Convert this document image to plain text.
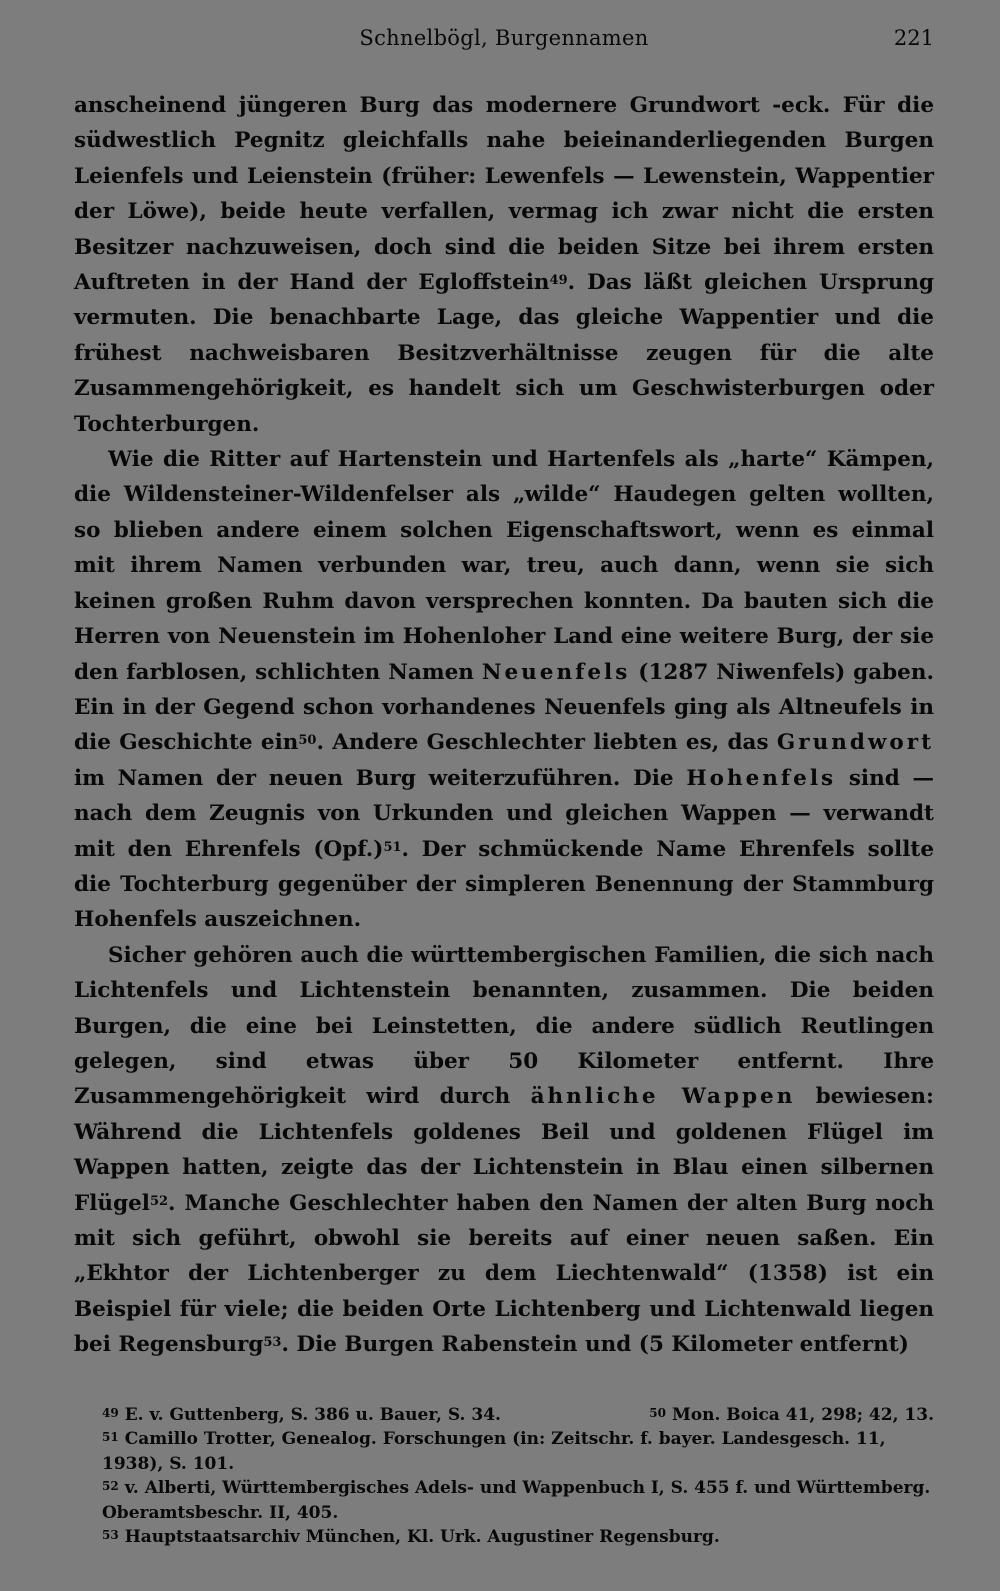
Schnelbögl, Burgennamen	221

anscheinend jüngeren Burg das modernere Grundwort -eck. Für die südwestlich Pegnitz gleichfalls nahe beieinanderliegenden Burgen Leienfels und Leienstein (früher: Lewenfels — Lewenstein, Wappentier der Löwe), beide heute verfallen, vermag ich zwar nicht die ersten Besitzer nachzuweisen, doch sind die beiden Sitze bei ihrem ersten Auftreten in der Hand der Egloffstein$^{49}$. Das läßt gleichen Ursprung vermuten. Die benachbarte Lage, das gleiche Wappentier und die frühest nachweisbaren Besitzverhältnisse zeugen für die alte Zusammengehörigkeit, es handelt sich um Geschwisterburgen oder Tochterburgen.

Wie die Ritter auf Hartenstein und Hartenfels als „harte“ Kämpen, die Wildensteiner-Wildenfelser als „wilde“ Haudegen gelten wollten, so blieben andere einem solchen Eigenschaftswort, wenn es einmal mit ihrem Namen verbunden war, treu, auch dann, wenn sie sich keinen großen Ruhm davon versprechen konnten. Da bauten sich die Herren von Neuenstein im Hohenloher Land eine weitere Burg, der sie den farblosen, schlichten Namen Neuenfels (1287 Niwenfels) gaben. Ein in der Gegend schon vorhandenes Neuenfels ging als Altneufels in die Geschichte ein$^{50}$. Andere Geschlechter liebten es, das Grundwort im Namen der neuen Burg weiterzuführen. Die Hohenfels sind — nach dem Zeugnis von Urkunden und gleichen Wappen — verwandt mit den Ehrenfels $(Opf.)^{51}$. Der schmückende Name Ehrenfels sollte die Tochterburg gegenüber der simpleren Benennung der Stammburg Hohenfels auszeichnen.

Sicher gehören auch die württembergischen Familien, die sich nach Lichtenfels und Lichtenstein benannten, zusammen. Die beiden Burgen, die eine bei Leinstetten, die andere südlich Reutlingen gelegen, sind etwas über 50 Kilometer entfernt. Ihre Zusammengehörigkeit wird durch ähnliche Wappen bewiesen: Während die Lichtenfels goldenes Beil und goldenen Flügel im Wappen hatten, zeigte das der Lichtenstein in Blau einen silbernen Flügel$^{52}$. Manche Geschlechter haben den Namen der alten Burg noch mit sich geführt, obwohl sie bereits auf einer neuen saßen. Ein „Ekhtor der Lichtenberger zu dem Liechtenwald“ (1358) ist ein Beispiel für viele; die beiden Orte Lichtenberg und Lichtenwald liegen bei Regensburg$^{53}$. Die Burgen Rabenstein und (5 Kilometer entfernt)

$^{49}$ E. v. Guttenberg, S. 386 u. Bauer, S. 34.	$^{50}$ Mon. Boica 41, 298; 42, 13.

$^{51}$ Camillo Trotter, Genealog. Forschungen (in: Zeitschr. f. bayer. Landesgesch. 11, 1938), S. 101.

$^{52}$ v. Alberti, Württembergisches Adels- und Wappenbuch I, S. 455 f. und Württemberg. Oberamtsbeschr. II, 405.

$^{53}$ Hauptstaatsarchiv München, Kl. Urk. Augustiner Regensburg.
